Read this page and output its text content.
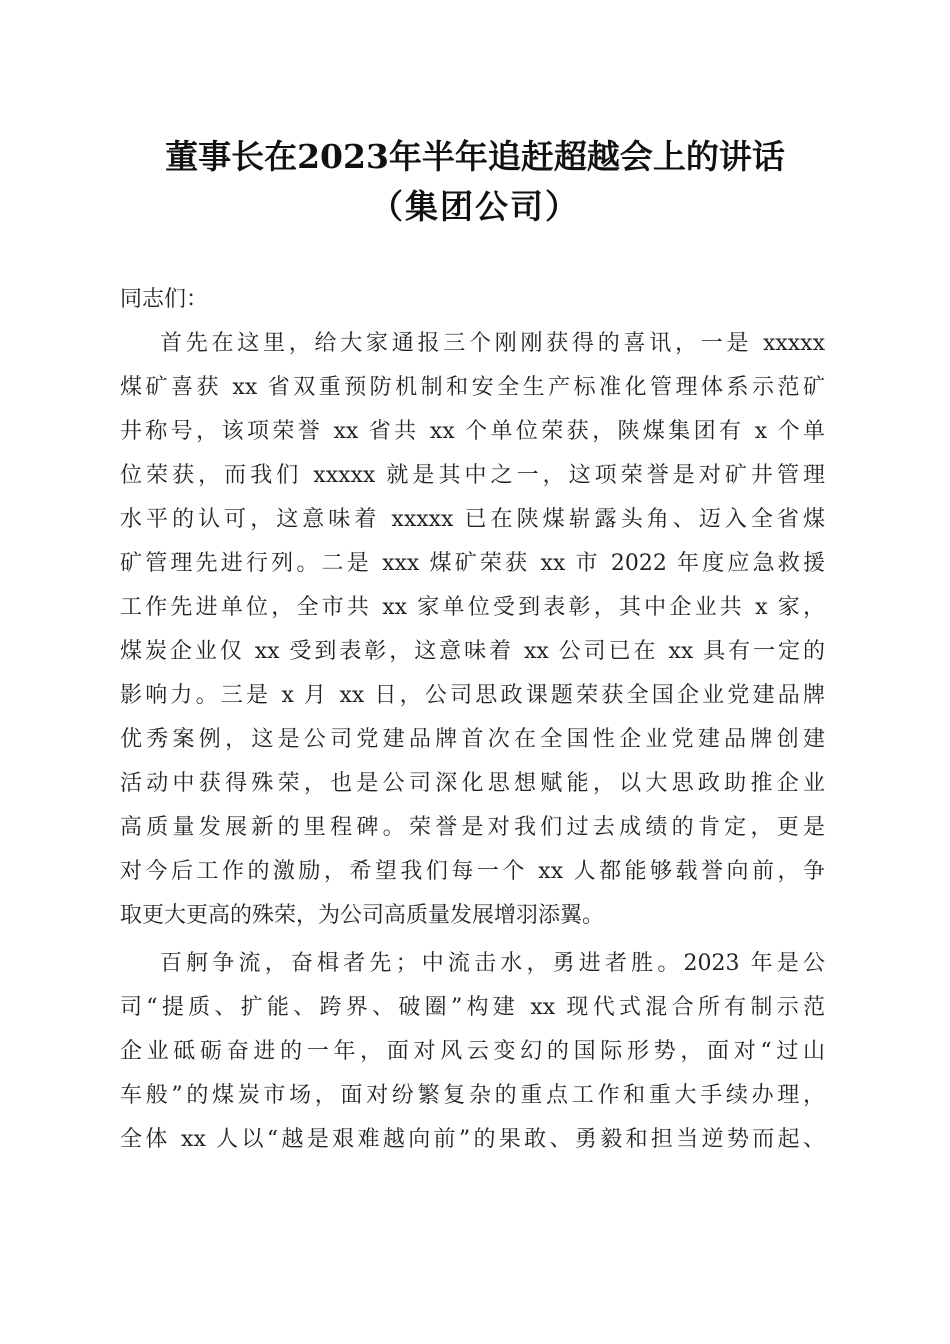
董事长在2023年半年追赶超越会上的讲话
（集团公司）
同志们：
首先在这里，给大家通报三个刚刚获得的喜讯，一是 xxxxx
煤矿喜获 xx 省双重预防机制和安全生产标准化管理体系示范矿
井称号，该项荣誉 xx 省共 xx 个单位荣获，陕煤集团有 x 个单
位荣获，而我们 xxxxx 就是其中之一，这项荣誉是对矿井管理
水平的认可，这意味着 xxxxx 已在陕煤崭露头角、迈入全省煤
矿管理先进行列。二是 xxx 煤矿荣获 xx 市 2022 年度应急救援
工作先进单位，全市共 xx 家单位受到表彰，其中企业共 x 家，
煤炭企业仅 xx 受到表彰，这意味着 xx 公司已在 xx 具有一定的
影响力。三是 x 月 xx 日，公司思政课题荣获全国企业党建品牌
优秀案例，这是公司党建品牌首次在全国性企业党建品牌创建
活动中获得殊荣，也是公司深化思想赋能，以大思政助推企业
高质量发展新的里程碑。荣誉是对我们过去成绩的肯定，更是
对今后工作的激励，希望我们每一个 xx 人都能够载誉向前，争
取更大更高的殊荣，为公司高质量发展增羽添翼。
百舸争流，奋楫者先；中流击水，勇进者胜。2023 年是公
司“提质、扩能、跨界、破圈”构建 xx 现代式混合所有制示范
企业砥砺奋进的一年，面对风云变幻的国际形势，面对“过山
车般”的煤炭市场，面对纷繁复杂的重点工作和重大手续办理，
全体 xx 人以“越是艰难越向前”的果敢、勇毅和担当逆势而起、
